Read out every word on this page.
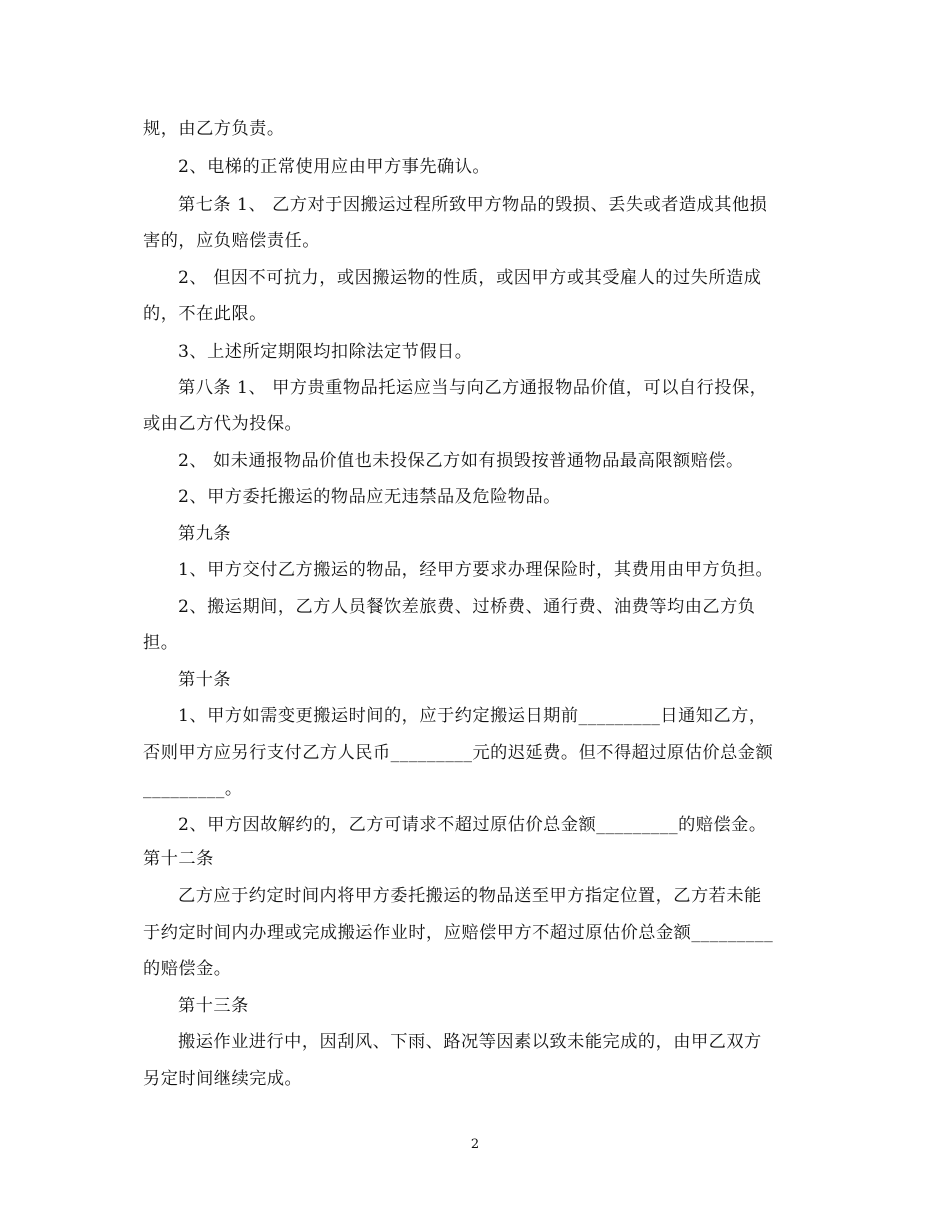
规，由乙方负责。
2、电梯的正常使用应由甲方事先确认。
第七条 1、 乙方对于因搬运过程所致甲方物品的毁损、丢失或者造成其他损
害的，应负赔偿责任。
2、 但因不可抗力，或因搬运物的性质，或因甲方或其受雇人的过失所造成
的，不在此限。
3、上述所定期限均扣除法定节假日。
第八条 1、 甲方贵重物品托运应当与向乙方通报物品价值，可以自行投保，
或由乙方代为投保。
2、 如未通报物品价值也未投保乙方如有损毁按普通物品最高限额赔偿。
2、甲方委托搬运的物品应无违禁品及危险物品。
第九条
1、甲方交付乙方搬运的物品，经甲方要求办理保险时，其费用由甲方负担。
2、搬运期间，乙方人员餐饮差旅费、过桥费、通行费、油费等均由乙方负
担。
第十条
1、甲方如需变更搬运时间的，应于约定搬运日期前_________日通知乙方，
否则甲方应另行支付乙方人民币_________元的迟延费。但不得超过原估价总金额
_________。
2、甲方因故解约的，乙方可请求不超过原估价总金额_________的赔偿金。
第十二条
乙方应于约定时间内将甲方委托搬运的物品送至甲方指定位置，乙方若未能
于约定时间内办理或完成搬运作业时，应赔偿甲方不超过原估价总金额_________
的赔偿金。
第十三条
搬运作业进行中，因刮风、下雨、路况等因素以致未能完成的，由甲乙双方
另定时间继续完成。
2
